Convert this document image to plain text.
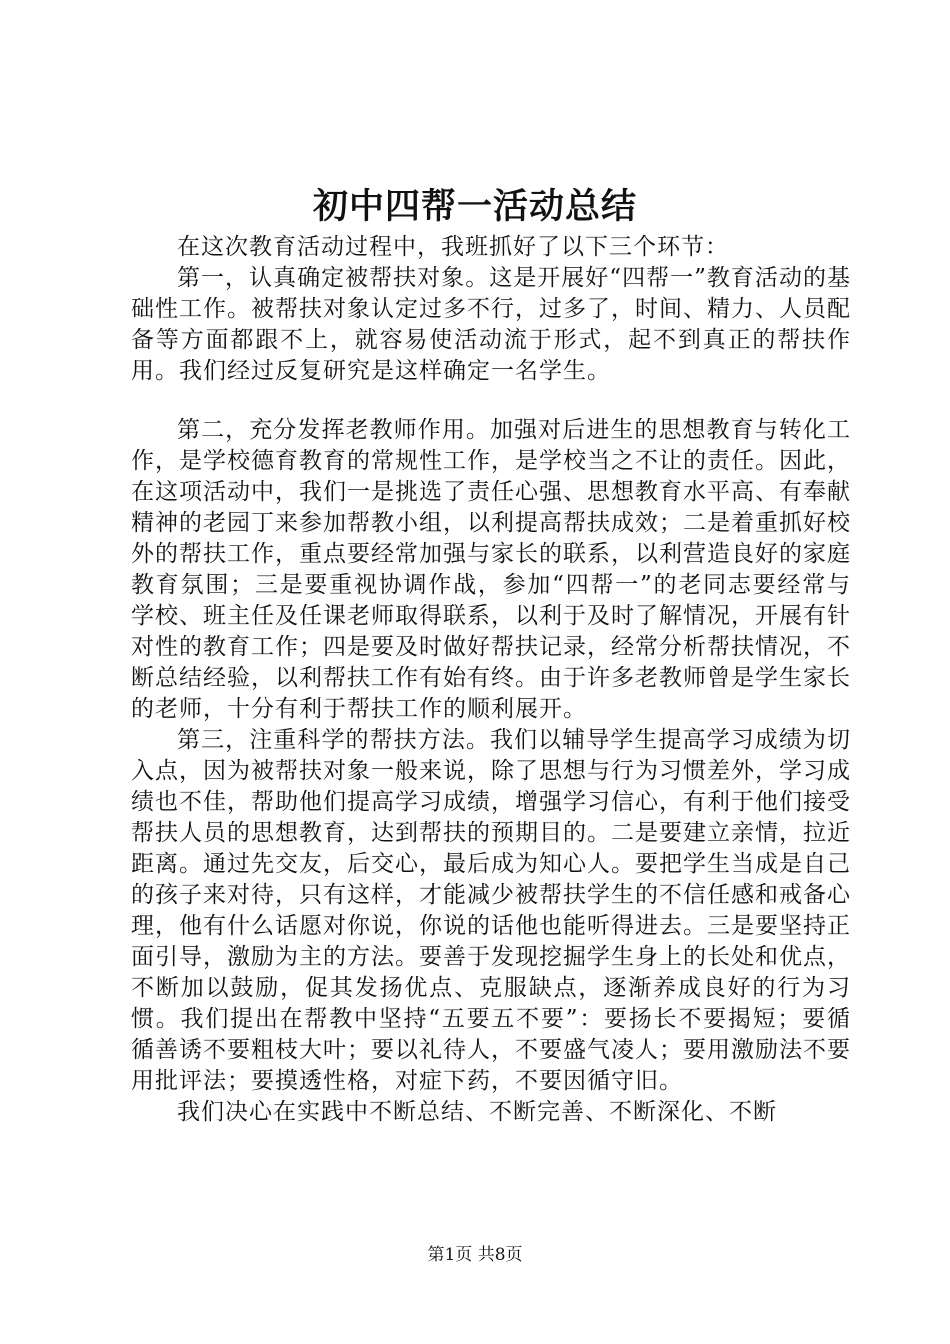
初中四帮一活动总结

在这次教育活动过程中，我班抓好了以下三个环节：

第一，认真确定被帮扶对象。这是开展好“四帮一”教育活动的基础性工作。被帮扶对象认定过多不行，过多了，时间、精力、人员配备等方面都跟不上，就容易使活动流于形式，起不到真正的帮扶作用。我们经过反复研究是这样确定一名学生。

第二，充分发挥老教师作用。加强对后进生的思想教育与转化工作，是学校德育教育的常规性工作，是学校当之不让的责任。因此，在这项活动中，我们一是挑选了责任心强、思想教育水平高、有奉献精神的老园丁来参加帮教小组，以利提高帮扶成效；二是着重抓好校外的帮扶工作，重点要经常加强与家长的联系，以利营造良好的家庭教育氛围；三是要重视协调作战，参加“四帮一”的老同志要经常与学校、班主任及任课老师取得联系，以利于及时了解情况，开展有针对性的教育工作；四是要及时做好帮扶记录，经常分析帮扶情况，不断总结经验，以利帮扶工作有始有终。由于许多老教师曾是学生家长的老师，十分有利于帮扶工作的顺利展开。

第三，注重科学的帮扶方法。我们以辅导学生提高学习成绩为切入点，因为被帮扶对象一般来说，除了思想与行为习惯差外，学习成绩也不佳，帮助他们提高学习成绩，增强学习信心，有利于他们接受帮扶人员的思想教育，达到帮扶的预期目的。二是要建立亲情，拉近距离。通过先交友，后交心，最后成为知心人。要把学生当成是自己的孩子来对待，只有这样，才能减少被帮扶学生的不信任感和戒备心理，他有什么话愿对你说，你说的话他也能听得进去。三是要坚持正面引导，激励为主的方法。要善于发现挖掘学生身上的长处和优点，不断加以鼓励，促其发扬优点、克服缺点，逐渐养成良好的行为习惯。我们提出在帮教中坚持“五要五不要”：要扬长不要揭短；要循循善诱不要粗枝大叶；要以礼待人，不要盛气凌人；要用激励法不要用批评法；要摸透性格，对症下药，不要因循守旧。

我们决心在实践中不断总结、不断完善、不断深化、不断

第1页 共8页
